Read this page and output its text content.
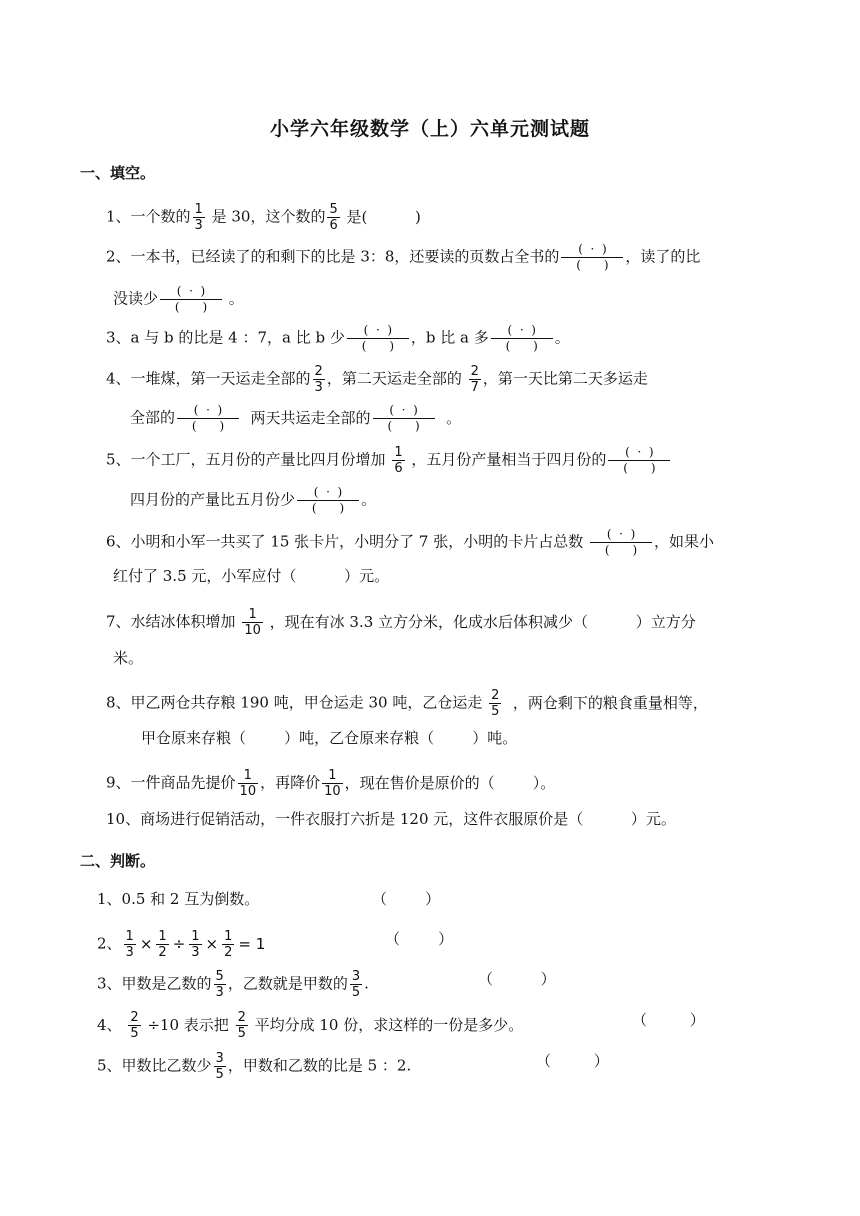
小学六年级数学（上）六单元测试题
一、填空。
1、一个数的 $\frac{1}{3}$ 是 30，这个数的 $\frac{5}{6}$ 是(          )
2、一本书，已经读了的和剩下的比是 3：8，还要读的页数占全书的	(  ·  )
(      )	，读了的比
没读少	(  ·  )
(      )	。
3、a 与 b 的比是 4 ：7，a 比 b 少	(  ·  )
(      )	，b 比 a 多	(  ·  )
(      )	。
4、一堆煤，第一天运走全部的 $\frac{2}{3}$ ，第二天运走全部的 $\frac{2}{7}$ ，第一天比第二天多运走
全部的	(  ·  )
(      )	两天共运走全部的	(  ·  )
(      )	。
5、一个工厂，五月份的产量比四月份增加 $\frac{1}{6}$ ，五月份产量相当于四月份的	(  ·  )
(      )
四月份的产量比五月份少	(  ·  )
(      )	。
6、小明和小军一共买了 15 张卡片，小明分了 7 张，小明的卡片占总数	(  ·  )
(      )	，如果小
红付了 3.5 元，小军应付（          ）元。
7、水结冰体积增加 $\frac{1}{10}$ ，现在有冰 3.3 立方分米，化成水后体积减少（          ）立方分
米。
8、甲乙两仓共存粮 190 吨，甲仓运走 30 吨，乙仓运走 $\frac{2}{5}$ ，两仓剩下的粮食重量相等，
甲仓原来存粮（        ）吨，乙仓原来存粮（        ）吨。
9、一件商品先提价 $\frac{1}{10}$ ，再降价 $\frac{1}{10}$ ，现在售价是原价的（        ）。
10、商场进行促销活动，一件衣服打六折是 120 元，这件衣服原价是（          ）元。
二、判断。
1、0.5 和 2 互为倒数。	（        ）
2、 $\frac{1}{3} \times \frac{1}{2} \div \frac{1}{3} \times \frac{1}{2} = 1$	（        ）
3、甲数是乙数的 $\frac{5}{3}$ ，乙数就是甲数的 $\frac{3}{5}$ .	（          ）
4、 $\frac{2}{5} \div 10$ 表示把 $\frac{2}{5}$ 平均分成 10 份，求这样的一份是多少。	（         ）
5、甲数比乙数少 $\frac{3}{5}$ ，甲数和乙数的比是 5 ：2.	（         ）
